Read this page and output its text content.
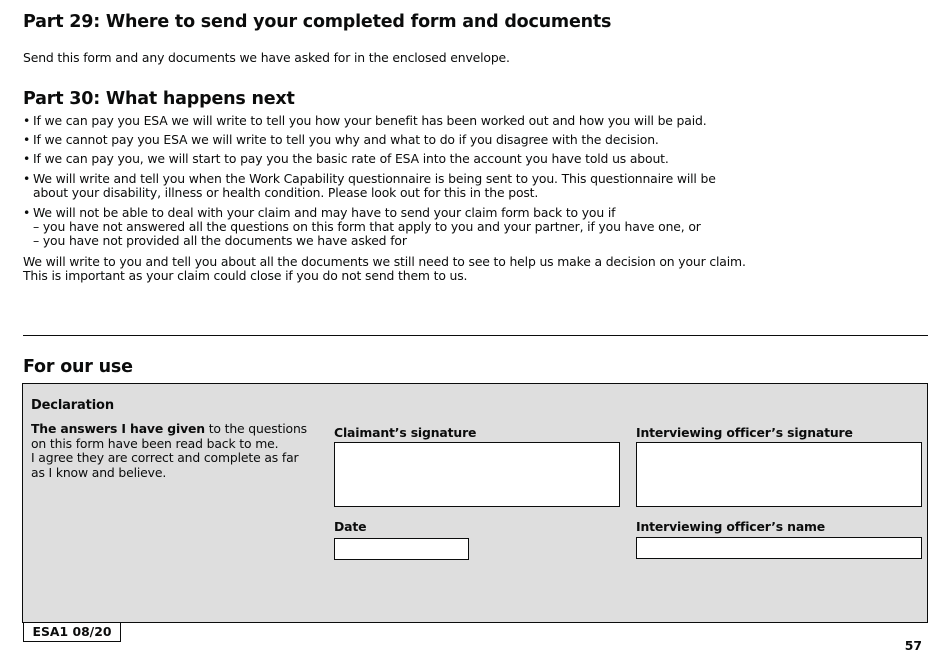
Part 29: Where to send your completed form and documents

Send this form and any documents we have asked for in the enclosed envelope.

Part 30: What happens next
• If we can pay you ESA we will write to tell you how your benefit has been worked out and how you will be paid.
• If we cannot pay you ESA we will write to tell you why and what to do if you disagree with the decision.
• If we can pay you, we will start to pay you the basic rate of ESA into the account you have told us about.
• We will write and tell you when the Work Capability questionnaire is being sent to you. This questionnaire will be
about your disability, illness or health condition. Please look out for this in the post.
• We will not be able to deal with your claim and may have to send your claim form back to you if
– you have not answered all the questions on this form that apply to you and your partner, if you have one, or
– you have not provided all the documents we have asked for

We will write to you and tell you about all the documents we still need to see to help us make a decision on your claim.

This is important as your claim could close if you do not send them to us.

For our use
Declaration
The answers I have given to the questions
on this form have been read back to me.
I agree they are correct and complete as far
as I know and believe.
Claimant’s signature	Interviewing officer’s signature
Date	Interviewing officer’s name
ESA1 08/20
57
